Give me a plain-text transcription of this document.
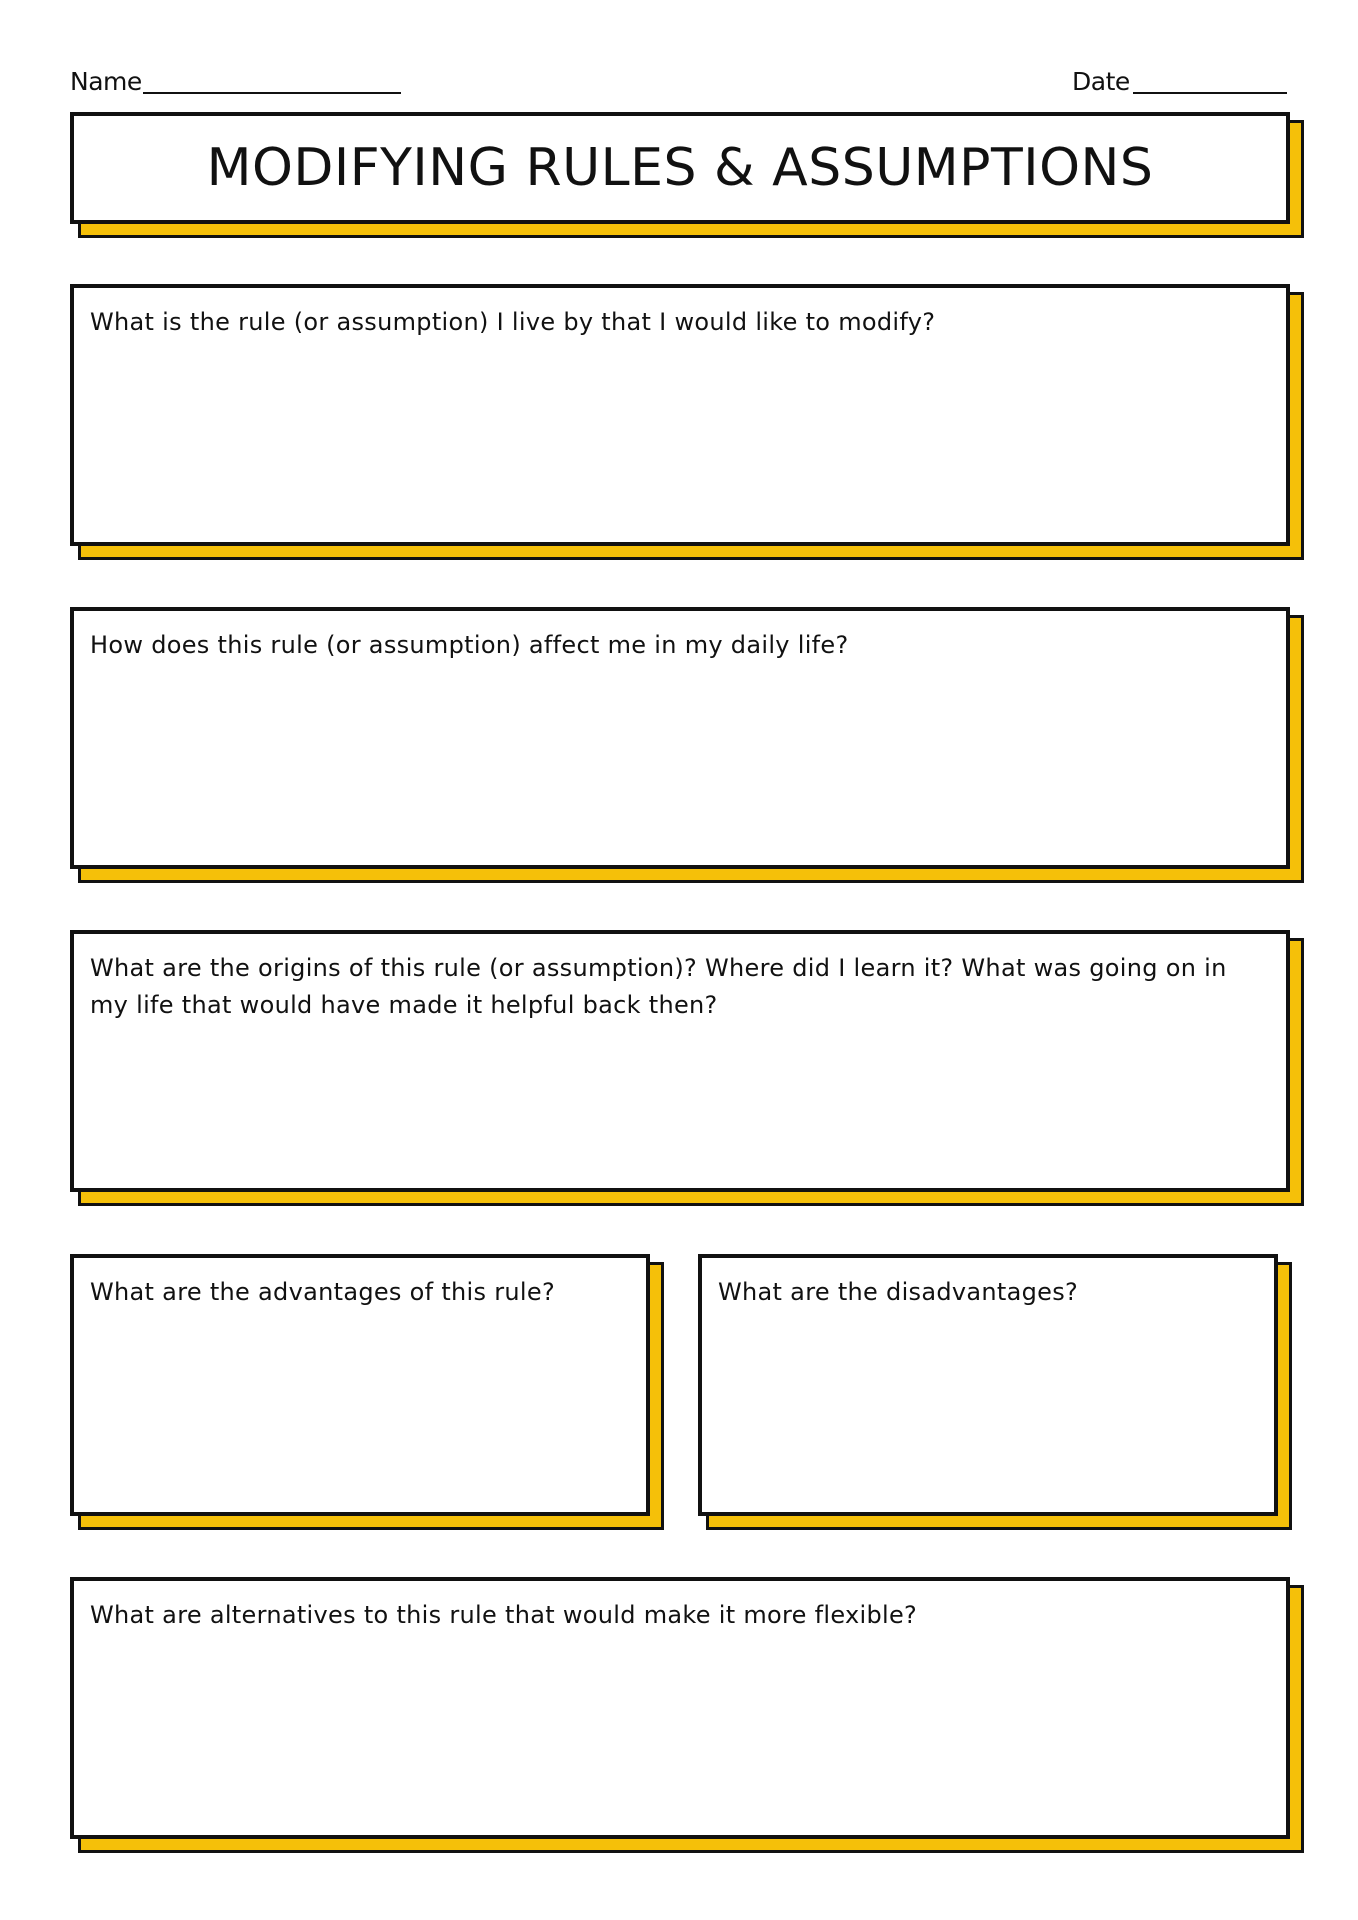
Name	Date
MODIFYING RULES & ASSUMPTIONS
What is the rule (or assumption) I live by that I would like to modify?
How does this rule (or assumption) affect me in my daily life?
What are the origins of this rule (or assumption)? Where did I learn it? What was going on in my life that would have made it helpful back then?
What are the advantages of this rule?	What are the disadvantages?
What are alternatives to this rule that would make it more flexible?
